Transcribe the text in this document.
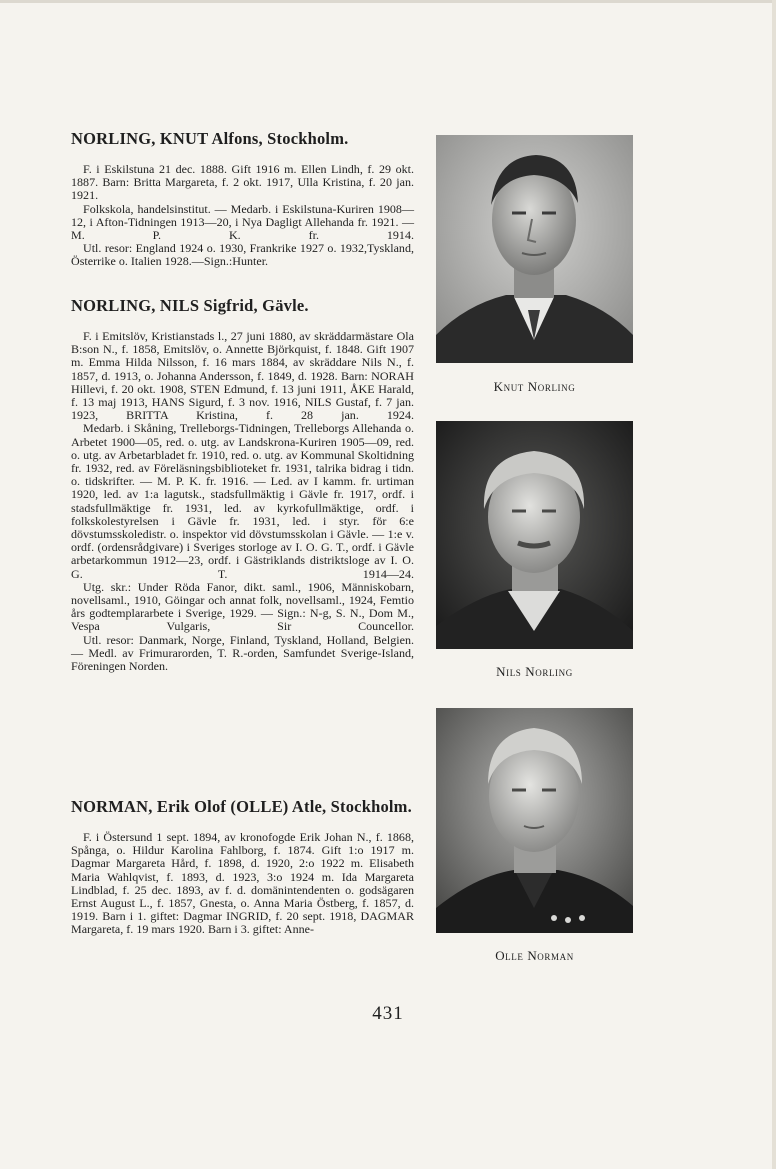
NORLING, KNUT Alfons, Stockholm.

F. i Eskilstuna 21 dec. 1888. Gift 1916 m. Ellen Lindh, f. 29 okt. 1887. Barn: Britta Margareta, f. 2 okt. 1917, Ulla Kristina, f. 20 jan. 1921.

Folkskola, handelsinstitut. — Medarb. i Eskilstuna-Kuriren 1908—12, i Afton-Tidningen 1913—20, i Nya Dagligt Allehanda fr. 1921. — M. P. K. fr. 1914.

Utl. resor: England 1924 o. 1930, Frankrike 1927 o. 1932,Tyskland, Österrike o. Italien 1928.—Sign.:Hunter.

NORLING, NILS Sigfrid, Gävle.

F. i Emitslöv, Kristianstads l., 27 juni 1880, av skräddarmästare Ola B:son N., f. 1858, Emitslöv, o. Annette Björkquist, f. 1848. Gift 1907 m. Emma Hilda Nilsson, f. 16 mars 1884, av skräddare Nils N., f. 1857, d. 1913, o. Johanna Andersson, f. 1849, d. 1928. Barn: NORAH Hillevi, f. 20 okt. 1908, STEN Edmund, f. 13 juni 1911, ÅKE Harald, f. 13 maj 1913, HANS Sigurd, f. 3 nov. 1916, NILS Gustaf, f. 7 jan. 1923, BRITTA Kristina, f. 28 jan. 1924.

Medarb. i Skåning, Trelleborgs-Tidningen, Trelleborgs Allehanda o. Arbetet 1900—05, red. o. utg. av Landskrona-Kuriren 1905—09, red. o. utg. av Arbetarbladet fr. 1910, red. o. utg. av Kommunal Skoltidning fr. 1932, red. av Föreläsningsbiblioteket fr. 1931, talrika bidrag i tidn. o. tidskrifter. — M. P. K. fr. 1916. — Led. av I kamm. fr. urtiman 1920, led. av 1:a lagutsk., stadsfullmäktig i Gävle fr. 1917, ordf. i stadsfullmäktige fr. 1931, led. av kyrkofullmäktige, ordf. i folkskolestyrelsen i Gävle fr. 1931, led. i styr. för 6:e dövstumsskoledistr. o. inspektor vid dövstumsskolan i Gävle. — 1:e v. ordf. (ordensrådgivare) i Sveriges storloge av I. O. G. T., ordf. i Gävle arbetarkommun 1912—23, ordf. i Gästriklands distriktsloge av I. O. G. T. 1914—24.

Utg. skr.: Under Röda Fanor, dikt. saml., 1906, Människobarn, novellsaml., 1910, Göingar och annat folk, novellsaml., 1924, Femtio års godtemplararbete i Sverige, 1929. — Sign.: N-g, S. N., Dom M., Vespa Vulgaris, Sir Councellor.

Utl. resor: Danmark, Norge, Finland, Tyskland, Holland, Belgien. — Medl. av Frimurarorden, T. R.-orden, Samfundet Sverige-Island, Föreningen Norden.

NORMAN, Erik Olof (OLLE) Atle, Stockholm.

F. i Östersund 1 sept. 1894, av kronofogde Erik Johan N., f. 1868, Spånga, o. Hildur Karolina Fahlborg, f. 1874. Gift 1:o 1917 m. Dagmar Margareta Hård, f. 1898, d. 1920, 2:o 1922 m. Elisabeth Maria Wahlqvist, f. 1893, d. 1923, 3:o 1924 m. Ida Margareta Lindblad, f. 25 dec. 1893, av f. d. domänintendenten o. godsägaren Ernst August L., f. 1857, Gnesta, o. Anna Maria Östberg, f. 1857, d. 1919. Barn i 1. giftet: Dagmar INGRID, f. 20 sept. 1918, DAGMAR Margareta, f. 19 mars 1920. Barn i 3. giftet: Anne-

Knut Norling
Nils Norling
Olle Norman
431
